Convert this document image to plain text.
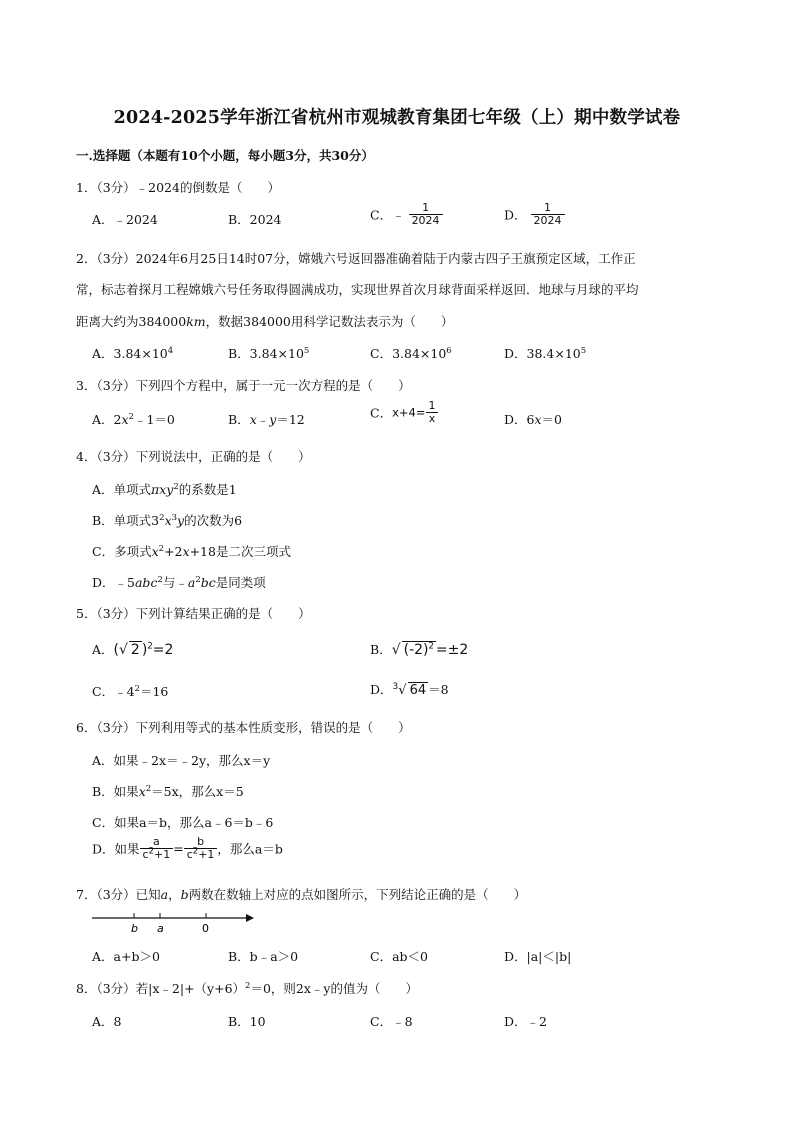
2024-2025学年浙江省杭州市观城教育集团七年级（上）期中数学试卷
一.选择题（本题有10个小题，每小题3分，共30分）
1．（3分）﹣2024的倒数是（　　）
A．﹣2024	B．2024	C．﹣ $\frac{1}{2024}$	D． $\frac{1}{2024}$
2．（3分）2024年6月25日14时07分，嫦娥六号返回器准确着陆于内蒙古四子王旗预定区域，工作正
常，标志着探月工程嫦娥六号任务取得圆满成功，实现世界首次月球背面采样返回．地球与月球的平均
距离大约为384000km，数据384000用科学记数法表示为（　　）
A．$3.84\times 10^4$	B．$3.84\times 10^5$	C．$3.84\times 10^6$	D．$38.4\times 10^5$
3．（3分）下列四个方程中，属于一元一次方程的是（　　）
A．$2x^2﹣1=0$	B．x﹣y＝12	C．$x+4= \frac{1}{x}$	D．6x＝0
4．（3分）下列说法中，正确的是（　　）
A．单项式πxy$^2$的系数是1
B．单项式$3^2x^3y$的次数为6
C．多项式$x^2+2x+18$是二次三项式
D．﹣5abc$^2$与$﹣a^2bc$是同类项
5．（3分）下列计算结果正确的是（　　）
A．(√ 2 )$^2$=2	B．√ $(-2)^2 =\pm 2$
C．$﹣4^2=16$	D．$^3$√ 64 ＝8
6．（3分）下列利用等式的基本性质变形，错误的是（　　）
A．如果﹣2x＝﹣2y，那么x＝y
B．如果$x^2=5x$，那么x＝5
C．如果a＝b，那么a﹣6＝b﹣6
D．如果 $\frac{a}{c^2+1} = \frac{b}{c^2+1}$ ，那么a＝b
7．（3分）已知a，b两数在数轴上对应的点如图所示，下列结论正确的是（　　）
b a	0
A．a+b＞0	B．b﹣a＞0	C．ab＜0	D．|a|＜|b|
8．（3分）若$|x﹣2|+(y+6)^2=0$，则2x﹣y的值为（　　）
A．8	B．10	C．﹣8	D．﹣2
